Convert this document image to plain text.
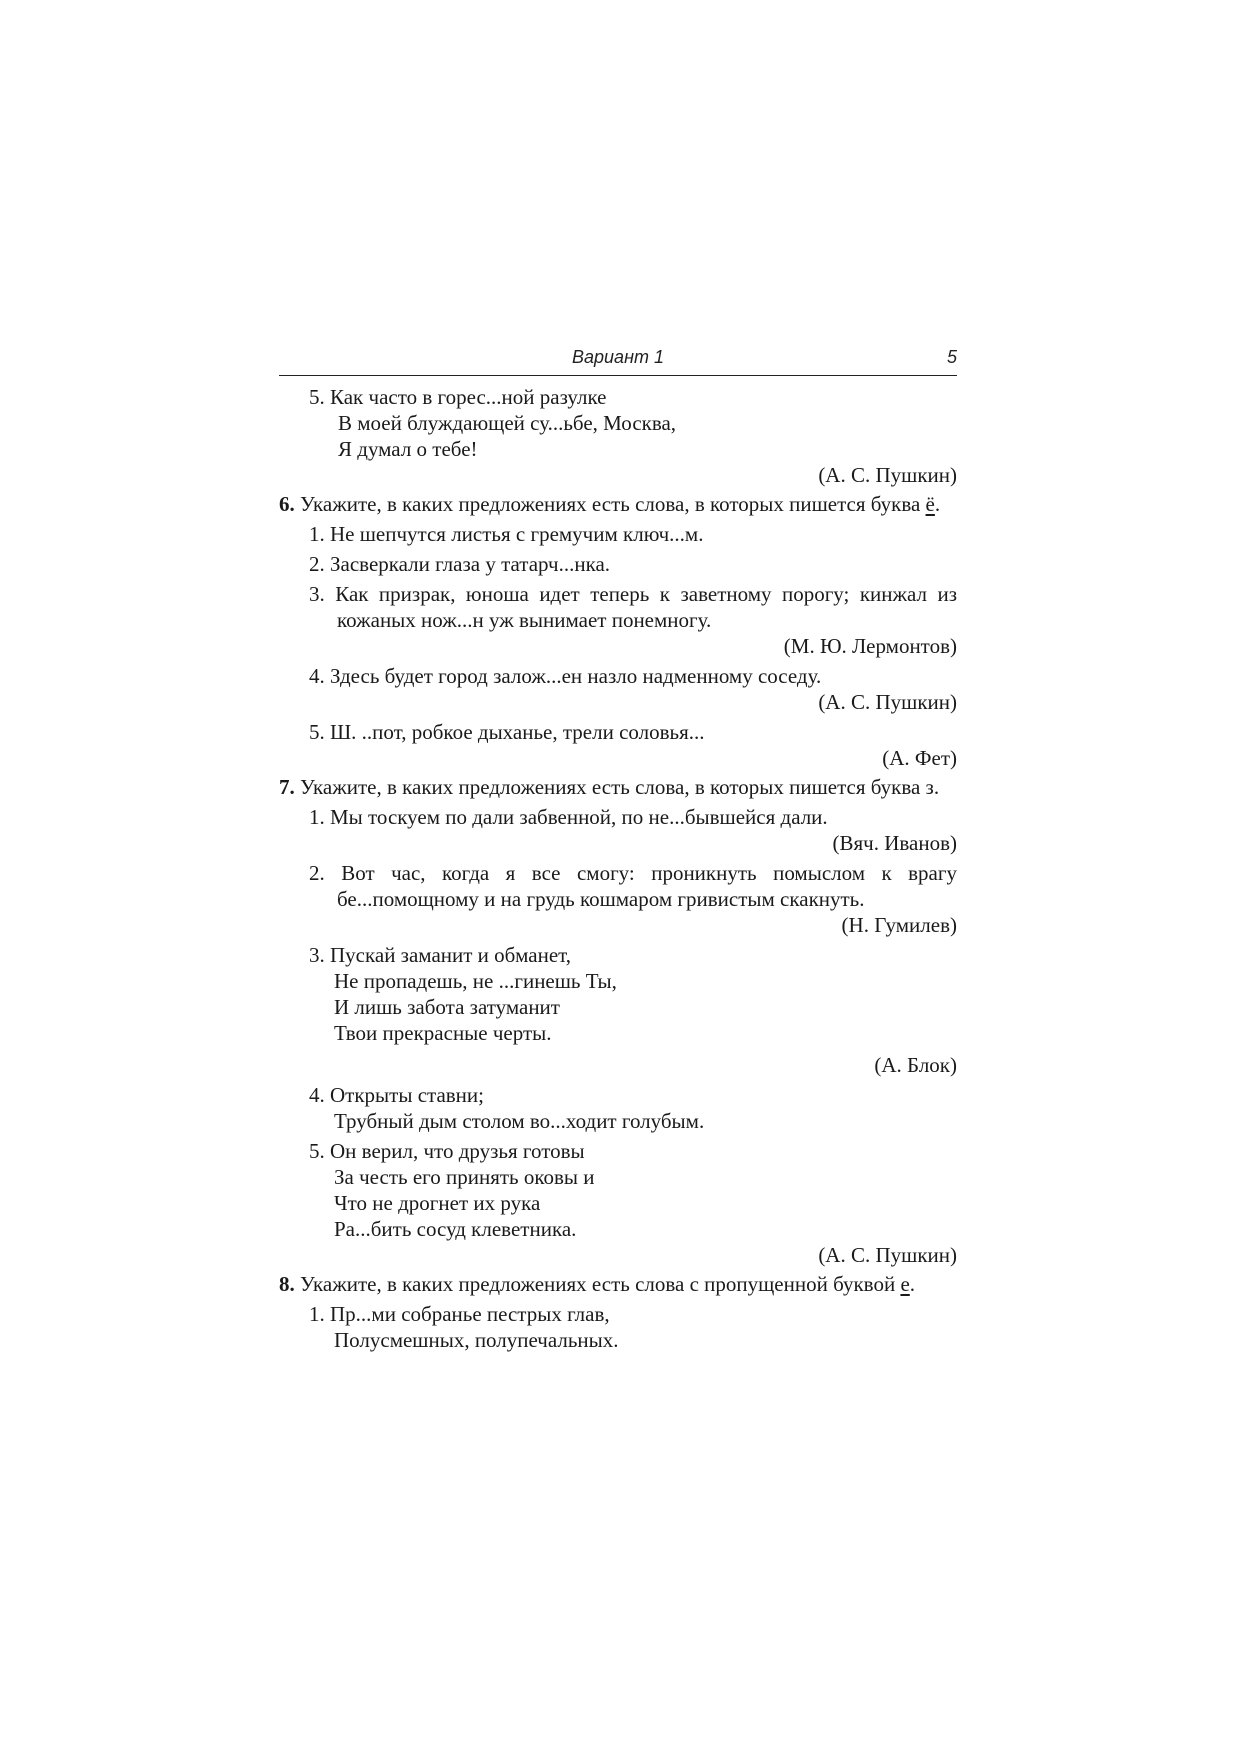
Вариант 1	5
5. Как часто в горес...ной разулке
В моей блуждающей су...ьбе, Москва,
Я думал о тебе!
(А. С. Пушкин)
6. Укажите, в каких предложениях есть слова, в которых пишется буква ё.
1. Не шепчутся листья с гремучим ключ...м.
2. Засверкали глаза у татарч...нка.
3. Как призрак, юноша идет теперь к заветному порогу; кинжал из кожаных нож...н уж вынимает понемногу.
(М. Ю. Лермонтов)
4. Здесь будет город залож...ен назло надменному соседу.
(А. С. Пушкин)
5. Ш. ..пот, робкое дыханье, трели соловья...
(А. Фет)
7. Укажите, в каких предложениях есть слова, в которых пишется буква з.
1. Мы тоскуем по дали забвенной, по не...бывшейся дали.
(Вяч. Иванов)
2. Вот час, когда я все смогу: проникнуть помыслом к врагу бе...помощному и на грудь кошмаром гривистым скакнуть.
(Н. Гумилев)
3. Пускай заманит и обманет,
Не пропадешь, не ...гинешь Ты,
И лишь забота затуманит
Твои прекрасные черты.
(А. Блок)
4. Открыты ставни;
Трубный дым столом во...ходит голубым.
5. Он верил, что друзья готовы
За честь его принять оковы и
Что не дрогнет их рука
Ра...бить сосуд клеветника.
(А. С. Пушкин)
8. Укажите, в каких предложениях есть слова с пропущенной буквой е.
1. Пр...ми собранье пестрых глав,
Полусмешных, полупечальных.
